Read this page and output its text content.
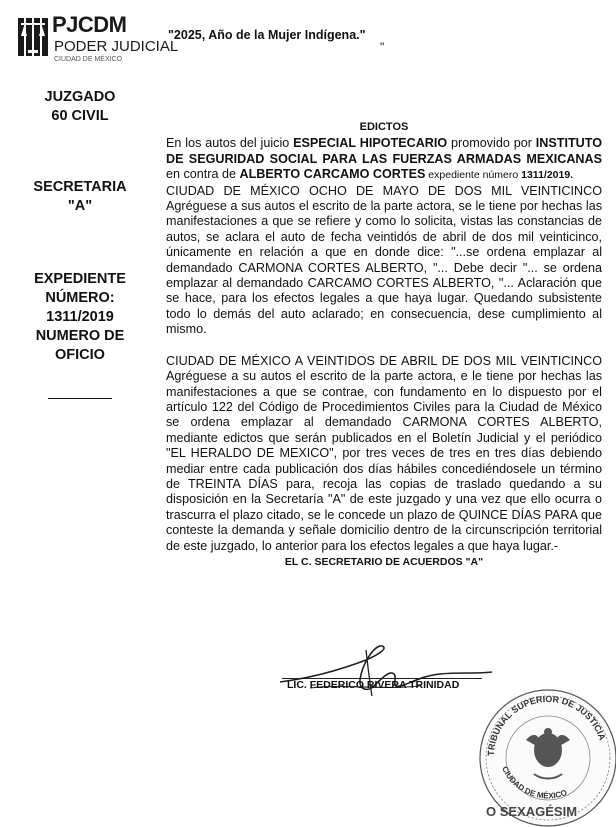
PJCDM
PODER JUDICIAL
CIUDAD DE MÉXICO
"2025, Año de la Mujer Indígena."
"
JUZGADO
60 CIVIL
SECRETARIA
"A"
EXPEDIENTE
NÚMERO:
1311/2019
NUMERO DE
OFICIO
EDICTOS

En los autos del juicio ESPECIAL HIPOTECARIO promovido por INSTITUTO DE SEGURIDAD SOCIAL PARA LAS FUERZAS ARMADAS MEXICANAS en contra de ALBERTO CARCAMO CORTES expediente número 1311/2019.

CIUDAD DE MÉXICO OCHO DE MAYO DE DOS MIL VEINTICINCO Agréguese a sus autos el escrito de la parte actora, se le tiene por hechas las manifestaciones a que se refiere y como lo solicita, vistas las constancias de autos, se aclara el auto de fecha veintidós de abril de dos mil veinticinco, únicamente en relación a que en donde dice: "...se ordena emplazar al demandado CARMONA CORTES ALBERTO, "... Debe decir "... se ordena emplazar al demandado CARCAMO CORTES ALBERTO, "... Aclaración que se hace, para los efectos legales a que haya lugar. Quedando subsistente todo lo demás del auto aclarado; en consecuencia, dese cumplimiento al mismo.

CIUDAD DE MÉXICO A VEINTIDOS DE ABRIL DE DOS MIL VEINTICINCO Agréguese a su autos el escrito de la parte actora, e le tiene por hechas las manifestaciones a que se contrae, con fundamento en lo dispuesto por el artículo 122 del Código de Procedimientos Civiles para la Ciudad de México se ordena emplazar al demandado CARMONA CORTES ALBERTO, mediante edictos que serán publicados en el Boletín Judicial y el periódico "EL HERALDO DE MEXICO", por tres veces de tres en tres días debiendo mediar entre cada publicación dos días hábiles concediéndosele un término de TREINTA DÍAS para, recoja las copias de traslado quedando a su disposición en la Secretaría "A" de este juzgado y una vez que ello ocurra o trascurra el plazo citado, se le concede un plazo de QUINCE DÍAS PARA que conteste la demanda y señale domicilio dentro de la circunscripción territorial de este juzgado, lo anterior para los efectos legales a que haya lugar.-

EL C. SECRETARIO DE ACUERDOS "A"
LIC. FEDERICO RIVERA TRINIDAD
TRIBUNAL SUPERIOR DE JUSTICIA
CIUDAD DE MÉXICO
O SEXAGÉSIM
